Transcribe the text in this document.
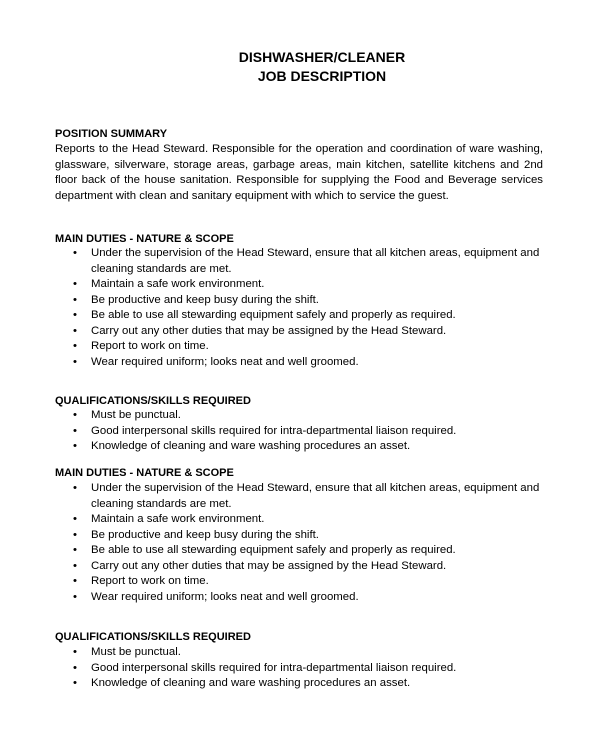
DISHWASHER/CLEANER
JOB DESCRIPTION
POSITION SUMMARY
Reports to the Head Steward. Responsible for the operation and coordination of ware washing, glassware, silverware, storage areas, garbage areas, main kitchen, satellite kitchens and 2nd floor back of the house sanitation. Responsible for supplying the Food and Beverage services department with clean and sanitary equipment with which to service the guest.
MAIN DUTIES - NATURE & SCOPE
• Under the supervision of the Head Steward, ensure that all kitchen areas, equipment and cleaning standards are met.
• Maintain a safe work environment.
• Be productive and keep busy during the shift.
• Be able to use all stewarding equipment safely and properly as required.
• Carry out any other duties that may be assigned by the Head Steward.
• Report to work on time.
• Wear required uniform; looks neat and well groomed.
QUALIFICATIONS/SKILLS REQUIRED
• Must be punctual.
• Good interpersonal skills required for intra-departmental liaison required.
• Knowledge of cleaning and ware washing procedures an asset.
MAIN DUTIES - NATURE & SCOPE
• Under the supervision of the Head Steward, ensure that all kitchen areas, equipment and cleaning standards are met.
• Maintain a safe work environment.
• Be productive and keep busy during the shift.
• Be able to use all stewarding equipment safely and properly as required.
• Carry out any other duties that may be assigned by the Head Steward.
• Report to work on time.
• Wear required uniform; looks neat and well groomed.
QUALIFICATIONS/SKILLS REQUIRED
• Must be punctual.
• Good interpersonal skills required for intra-departmental liaison required.
• Knowledge of cleaning and ware washing procedures an asset.
